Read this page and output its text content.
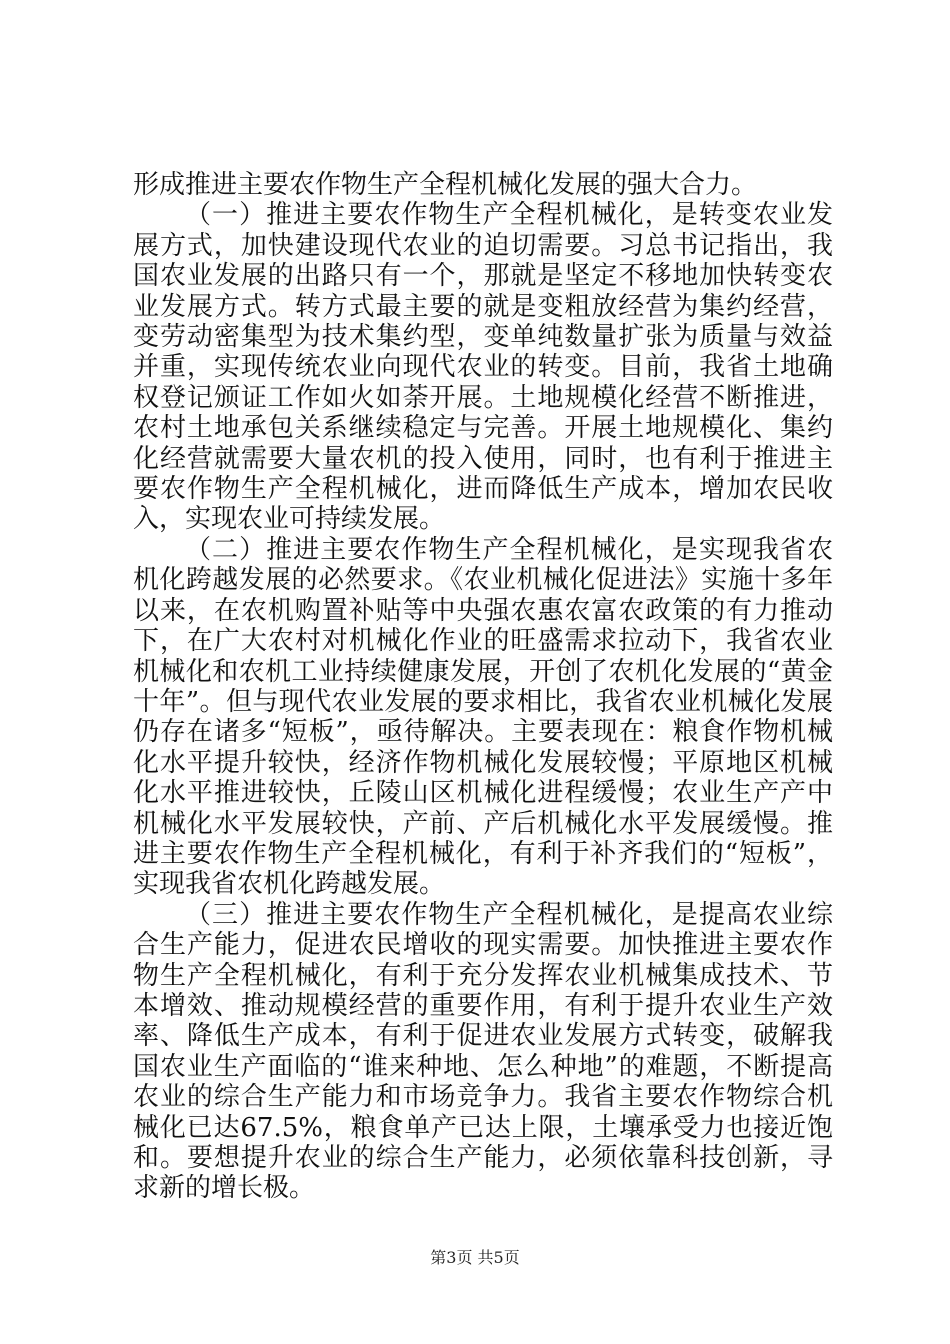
形成推进主要农作物生产全程机械化发展的强大合力。

（一）推进主要农作物生产全程机械化，是转变农业发展方式，加快建设现代农业的迫切需要。习总书记指出，我国农业发展的出路只有一个，那就是坚定不移地加快转变农业发展方式。转方式最主要的就是变粗放经营为集约经营，变劳动密集型为技术集约型，变单纯数量扩张为质量与效益并重，实现传统农业向现代农业的转变。目前，我省土地确权登记颁证工作如火如荼开展。土地规模化经营不断推进，农村土地承包关系继续稳定与完善。开展土地规模化、集约化经营就需要大量农机的投入使用，同时，也有利于推进主要农作物生产全程机械化，进而降低生产成本，增加农民收入，实现农业可持续发展。

（二）推进主要农作物生产全程机械化，是实现我省农机化跨越发展的必然要求。《农业机械化促进法》实施十多年以来，在农机购置补贴等中央强农惠农富农政策的有力推动下，在广大农村对机械化作业的旺盛需求拉动下，我省农业机械化和农机工业持续健康发展，开创了农机化发展的“黄金十年”。但与现代农业发展的要求相比，我省农业机械化发展仍存在诸多“短板”，亟待解决。主要表现在：粮食作物机械化水平提升较快，经济作物机械化发展较慢；平原地区机械化水平推进较快，丘陵山区机械化进程缓慢；农业生产产中机械化水平发展较快，产前、产后机械化水平发展缓慢。推进主要农作物生产全程机械化，有利于补齐我们的“短板”，实现我省农机化跨越发展。

（三）推进主要农作物生产全程机械化，是提高农业综合生产能力，促进农民增收的现实需要。加快推进主要农作物生产全程机械化，有利于充分发挥农业机械集成技术、节本增效、推动规模经营的重要作用，有利于提升农业生产效率、降低生产成本，有利于促进农业发展方式转变，破解我国农业生产面临的“谁来种地、怎么种地”的难题，不断提高农业的综合生产能力和市场竞争力。我省主要农作物综合机械化已达67.5%，粮食单产已达上限，土壤承受力也接近饱和。要想提升农业的综合生产能力，必须依靠科技创新，寻求新的增长极。

第3页 共5页
